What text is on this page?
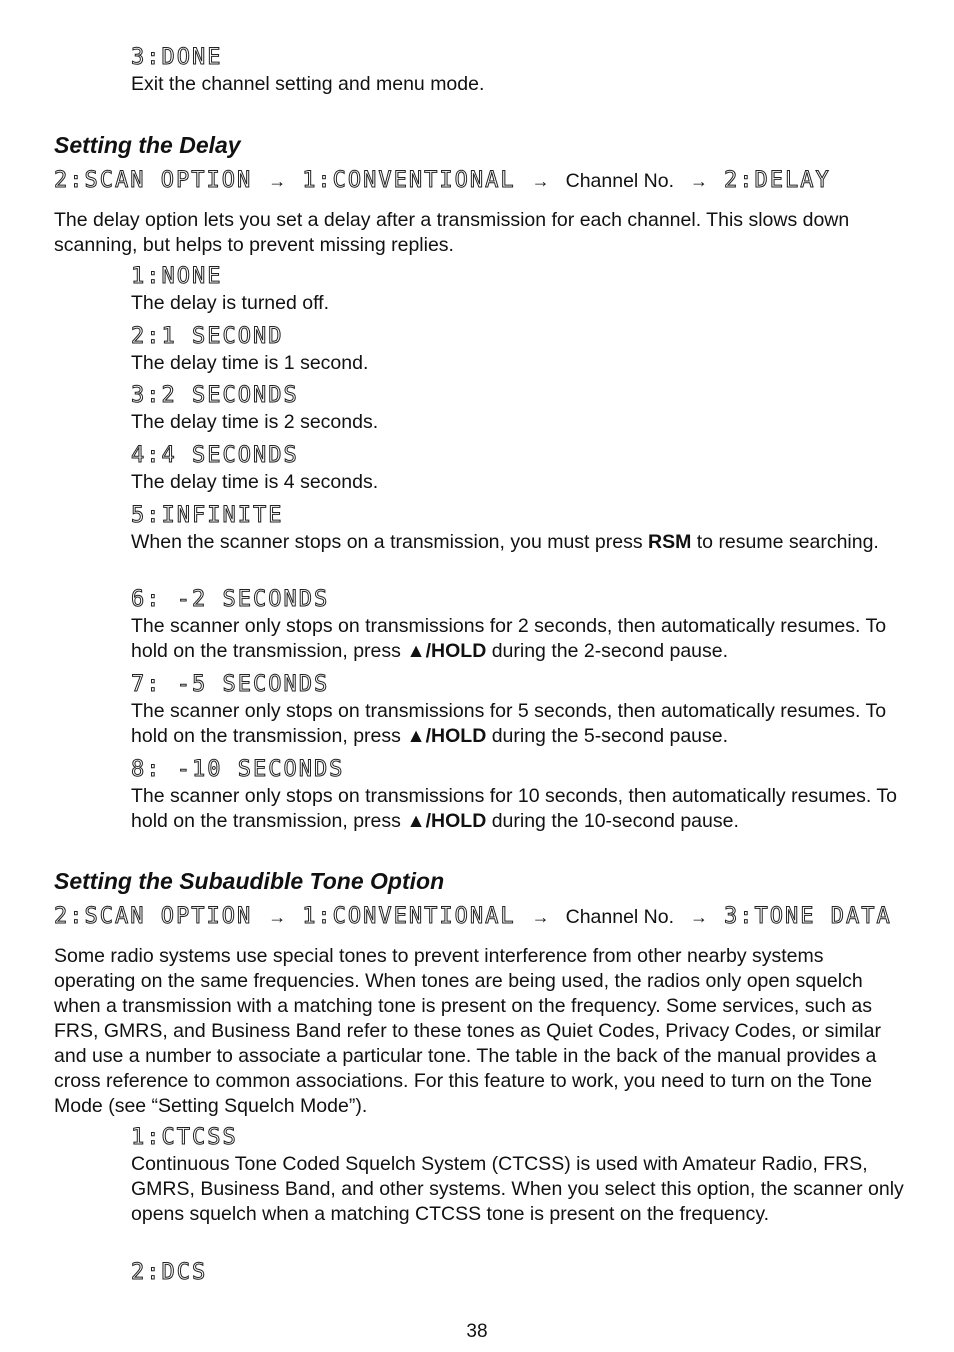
3:DONE
Exit the channel setting and menu mode.
Setting the Delay
2:SCAN OPTION → 1:CONVENTIONAL → Channel No. → 2:DELAY
The delay option lets you set a delay after a transmission for each channel. This slows down scanning, but helps to prevent missing replies.
1:NONE
The delay is turned off.
2:1 SECOND
The delay time is 1 second.
3:2 SECONDS
The delay time is 2 seconds.
4:4 SECONDS
The delay time is 4 seconds.
5:INFINITE
When the scanner stops on a transmission, you must press RSM to resume searching.
6: -2 SECONDS
The scanner only stops on transmissions for 2 seconds, then automatically resumes. To hold on the transmission, press ▲/HOLD during the 2-second pause.
7: -5 SECONDS
The scanner only stops on transmissions for 5 seconds, then automatically resumes. To hold on the transmission, press ▲/HOLD during the 5-second pause.
8: -10 SECONDS
The scanner only stops on transmissions for 10 seconds, then automatically resumes. To hold on the transmission, press ▲/HOLD during the 10-second pause.
Setting the Subaudible Tone Option
2:SCAN OPTION → 1:CONVENTIONAL → Channel No. → 3:TONE DATA
Some radio systems use special tones to prevent interference from other nearby systems operating on the same frequencies. When tones are being used, the radios only open squelch when a transmission with a matching tone is present on the frequency. Some services, such as FRS, GMRS, and Business Band refer to these tones as Quiet Codes, Privacy Codes, or similar and use a number to associate a particular tone. The table in the back of the manual provides a cross reference to common associations. For this feature to work, you need to turn on the Tone Mode (see “Setting Squelch Mode”).
1:CTCSS
Continuous Tone Coded Squelch System (CTCSS) is used with Amateur Radio, FRS, GMRS, Business Band, and other systems. When you select this option, the scanner only opens squelch when a matching CTCSS tone is present on the frequency.
2:DCS
38
